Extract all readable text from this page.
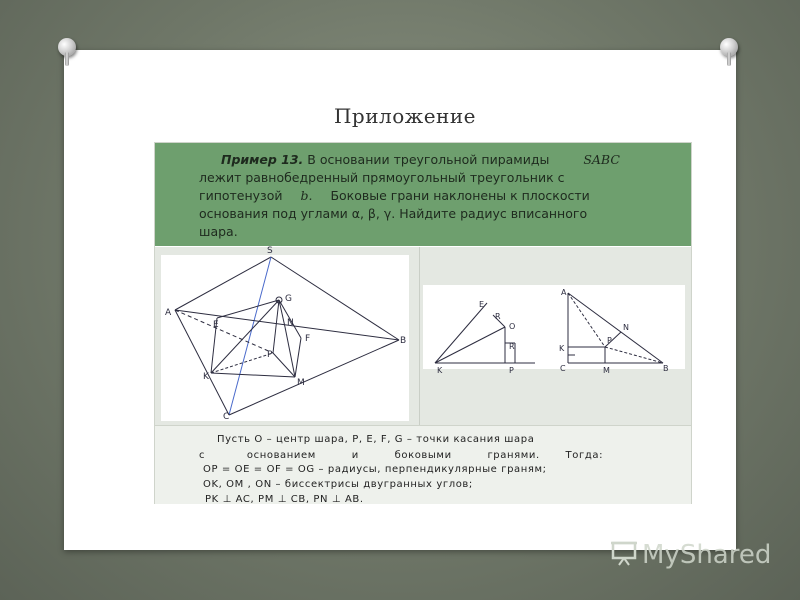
Приложение
Пример 13. В основании треугольной пирамиды	SABC
лежит равнобедренный прямоугольный треугольник с
гипотенузой b. Боковые грани наклонены к плоскости
основания под углами α, β, γ. Найдите радиус вписанного
шара.
S
G
A
E	N
B
F
K
P
M
C
E
R
O
R
K	P
A
N
K
P
C	M	B
Пусть O – центр шара, P, E, F, G – точки касания шара
с	основанием	и	боковыми	гранями.	Тогда:
OP = OE = OF = OG – радиусы, перпендикулярные граням;
OK, OM , ON – биссектрисы двугранных углов;
PK ⊥ AC, PM ⊥ CB, PN ⊥ AB.
MyShared
